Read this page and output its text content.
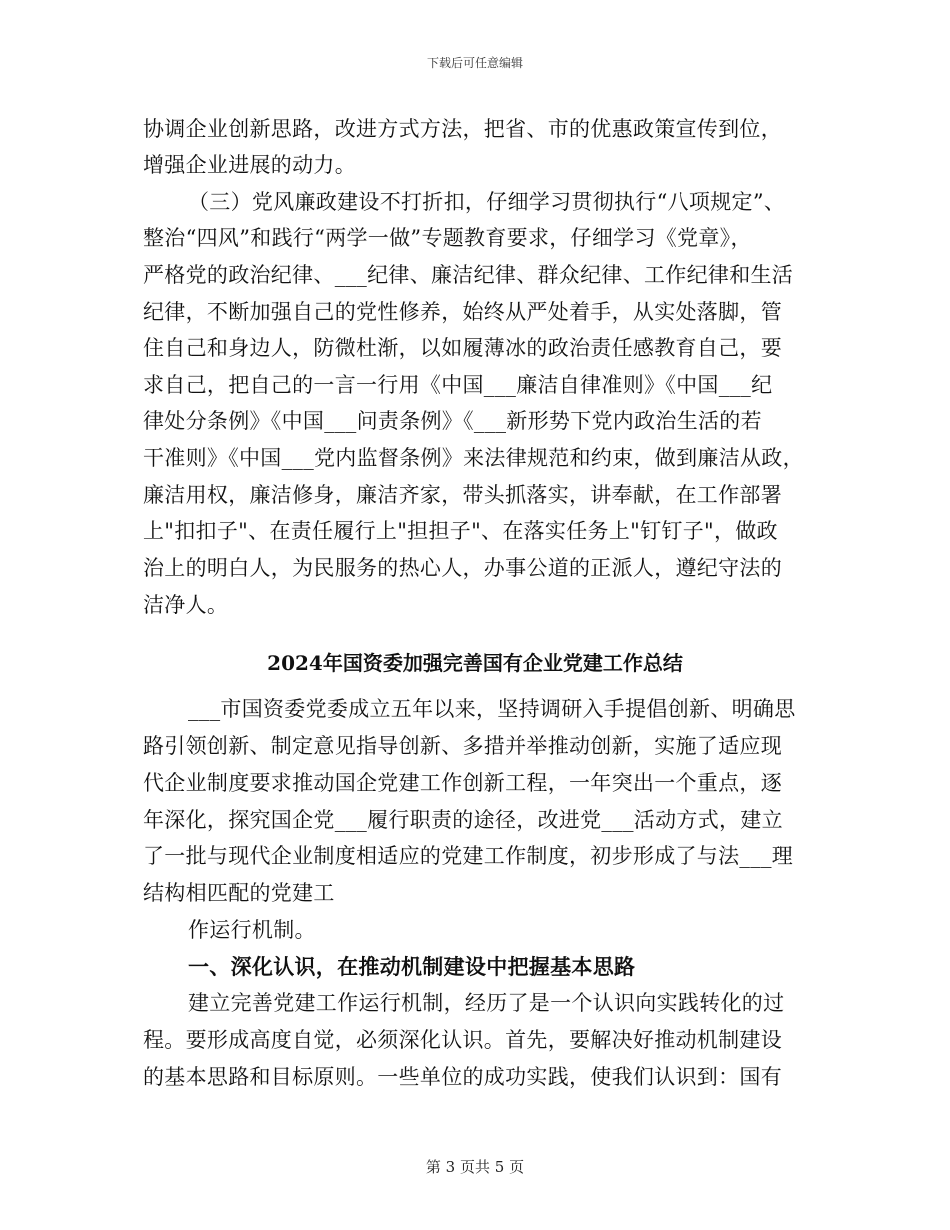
下载后可任意编辑
协调企业创新思路，改进方式方法，把省、市的优惠政策宣传到位，
增强企业进展的动力。
（三）党风廉政建设不打折扣，仔细学习贯彻执行“八项规定”、
整治“四风”和践行“两学一做”专题教育要求，仔细学习《党章》，
严格党的政治纪律、___纪律、廉洁纪律、群众纪律、工作纪律和生活
纪律，不断加强自己的党性修养，始终从严处着手，从实处落脚，管
住自己和身边人，防微杜渐，以如履薄冰的政治责任感教育自己，要
求自己，把自己的一言一行用《中国___廉洁自律准则》《中国___纪
律处分条例》《中国___问责条例》《___新形势下党内政治生活的若
干准则》《中国___党内监督条例》来法律规范和约束，做到廉洁从政，
廉洁用权，廉洁修身，廉洁齐家，带头抓落实，讲奉献，在工作部署
上"扣扣子"、在责任履行上"担担子"、在落实任务上"钉钉子"，做政
治上的明白人，为民服务的热心人，办事公道的正派人，遵纪守法的
洁净人。
2024年国资委加强完善国有企业党建工作总结
___市国资委党委成立五年以来，坚持调研入手提倡创新、明确思
路引领创新、制定意见指导创新、多措并举推动创新，实施了适应现
代企业制度要求推动国企党建工作创新工程，一年突出一个重点，逐
年深化，探究国企党___履行职责的途径，改进党___活动方式，建立
了一批与现代企业制度相适应的党建工作制度，初步形成了与法___理
结构相匹配的党建工
作运行机制。
一、深化认识，在推动机制建设中把握基本思路
建立完善党建工作运行机制，经历了是一个认识向实践转化的过
程。要形成高度自觉，必须深化认识。首先，要解决好推动机制建设
的基本思路和目标原则。一些单位的成功实践，使我们认识到：国有
第 3 页共 5 页
